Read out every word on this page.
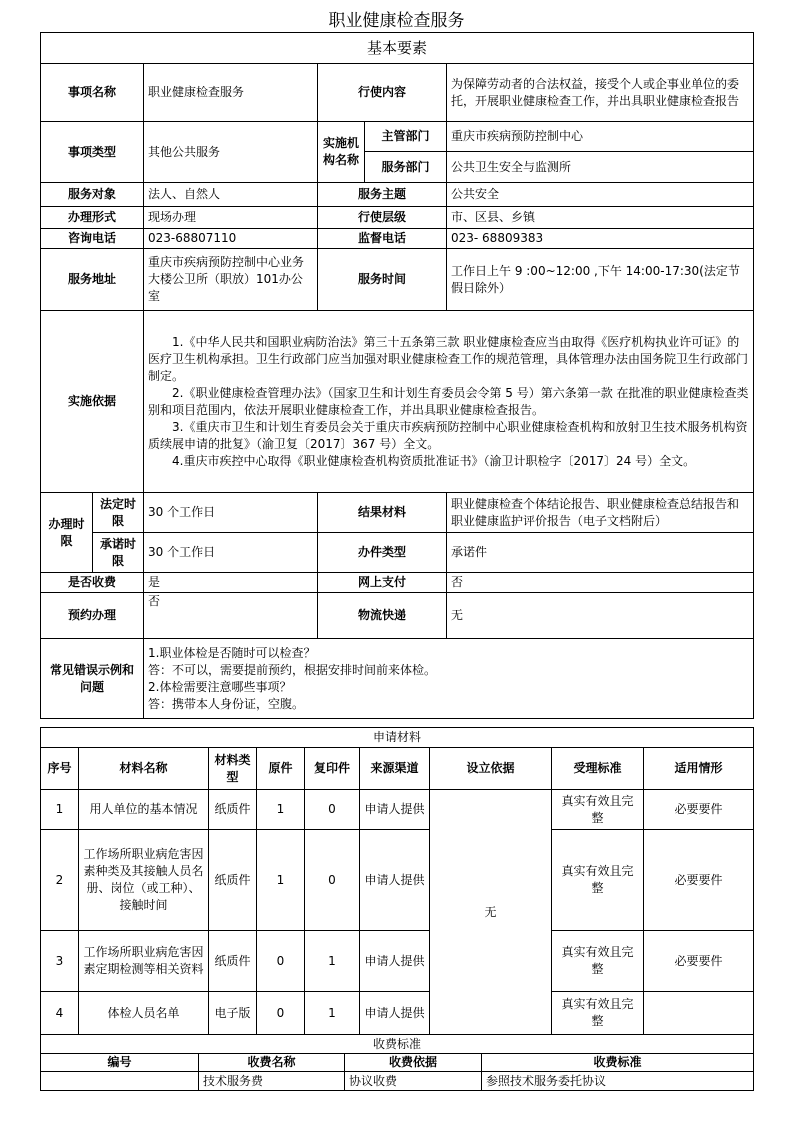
职业健康检查服务
基本要素					
事项名称		职业健康检查服务	行使内容		为保障劳动者的合法权益，接受个人或企事业单位的委托，开展职业健康检查工作，并出具职业健康检查报告
事项类型		其他公共服务	实施机构名称	主管部门	重庆市疾病预防控制中心
				服务部门	公共卫生安全与监测所
服务对象		法人、自然人	服务主题		公共安全
办理形式		现场办理	行使层级		市、区县、乡镇
咨询电话		023-68807110	监督电话		023- 68809383
服务地址		重庆市疾病预防控制中心业务大楼公卫所（职放）101办公室	服务时间		工作日上午 9 :00~12:00 ,下午 14:00-17:30(法定节假日除外）
实施依据		1.《中华人民共和国职业病防治法》第三十五条第三款 职业健康检查应当由取得《医疗机构执业许可证》的医疗卫生机构承担。卫生行政部门应当加强对职业健康检查工作的规范管理，具体管理办法由国务院卫生行政部门制定。

2.《职业健康检查管理办法》（国家卫生和计划生育委员会令第 5 号）第六条第一款 在批准的职业健康检查类别和项目范围内，依法开展职业健康检查工作，并出具职业健康检查报告。

3.《重庆市卫生和计划生育委员会关于重庆市疾病预防控制中心职业健康检查机构和放射卫生技术服务机构资质续展申请的批复》（渝卫复〔2017〕367 号）全文。

4.重庆市疾控中心取得《职业健康检查机构资质批准证书》（渝卫计职检字〔2017〕24 号）全文。			

办理时限	法定时限	30 个工作日	结果材料		职业健康检查个体结论报告、职业健康检查总结报告和职业健康监护评价报告（电子文档附后）
	承诺时限	30 个工作日	办件类型		承诺件
是否收费		是	网上支付		否
预约办理		否	物流快递		无
常见错误示例和问题		1.职业体检是否随时可以检查？

答：不可以，需要提前预约，根据安排时间前来体检。

2.体检需要注意哪些事项？

答：携带本人身份证，空腹。			

申请材料								
序号	材料名称	材料类型	原件	复印件	来源渠道	设立依据	受理标准	适用情形
1	用人单位的基本情况	纸质件	1	0	申请人提供	无	真实有效且完整	必要要件
2	工作场所职业病危害因素种类及其接触人员名册、岗位（或工种）、接触时间	纸质件	1	0	申请人提供		真实有效且完整	必要要件
3	工作场所职业病危害因素定期检测等相关资料	纸质件	0	1	申请人提供		真实有效且完整	必要要件
4	体检人员名单	电子版	0	1	申请人提供		真实有效且完整	
收费标准			
编号	收费名称	收费依据	收费标准
	技术服务费	协议收费	参照技术服务委托协议
